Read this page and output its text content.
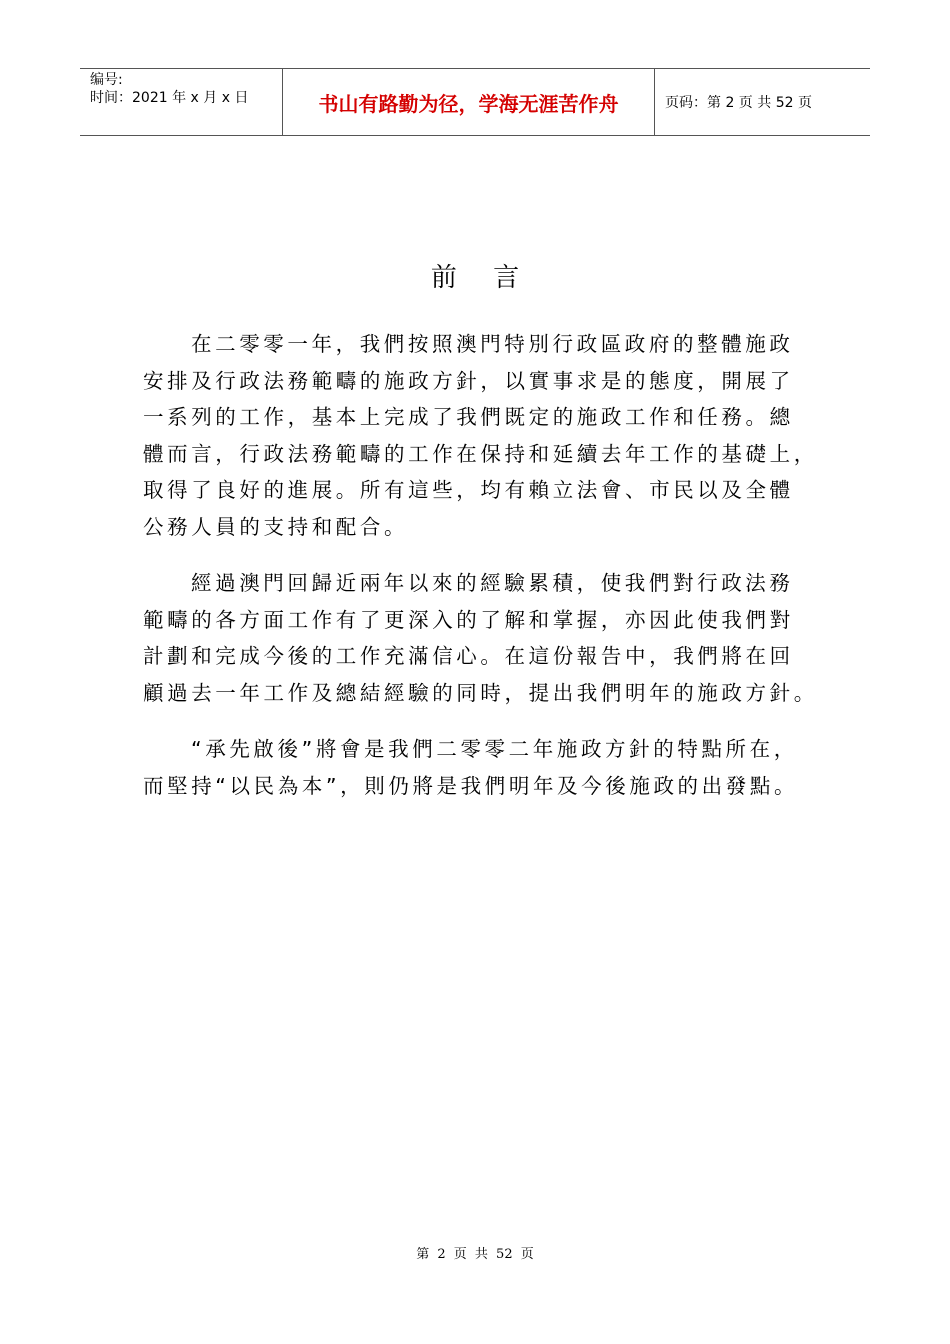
编号:
时间：2021 年 x 月 x 日	书山有路勤为径，学海无涯苦作舟	页码：第 2 页 共 52 页
前 言
在二零零一年，我們按照澳門特別行政區政府的整體施政
安排及行政法務範疇的施政方針，以實事求是的態度，開展了
一系列的工作，基本上完成了我們既定的施政工作和任務。總
體而言，行政法務範疇的工作在保持和延續去年工作的基礎上，
取得了良好的進展。所有這些，均有賴立法會、市民以及全體
公務人員的支持和配合。
經過澳門回歸近兩年以來的經驗累積，使我們對行政法務
範疇的各方面工作有了更深入的了解和掌握，亦因此使我們對
計劃和完成今後的工作充滿信心。在這份報告中，我們將在回
顧過去一年工作及總結經驗的同時，提出我們明年的施政方針。
“承先啟後”將會是我們二零零二年施政方針的特點所在，
而堅持“以民為本”，則仍將是我們明年及今後施政的出發點。
第 2 页 共 52 页
